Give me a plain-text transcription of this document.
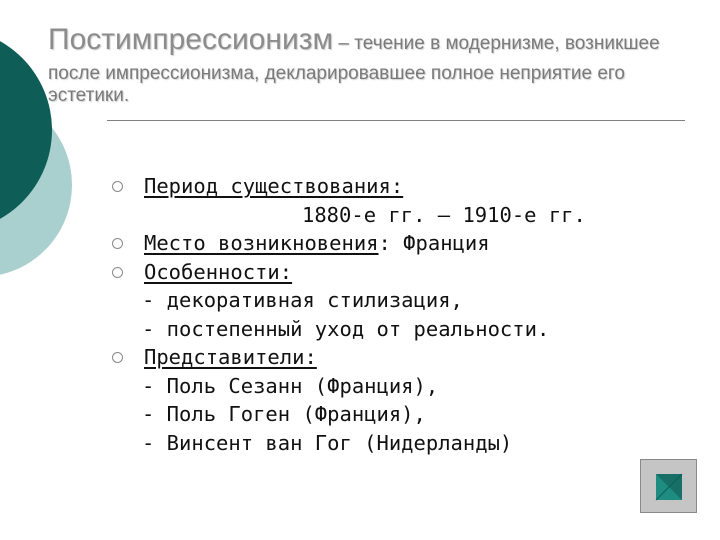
Постимпрессионизм – течение в модернизме, возникшее
после импрессионизма, декларировавшее полное неприятие его эстетики.
Период существования:
1880-е гг. – 1910-е гг.
Место возникновения: Франция
Особенности:
- декоративная стилизация,
- постепенный уход от реальности.
Представители:
- Поль Сезанн (Франция),
- Поль Гоген (Франция),
- Винсент ван Гог (Нидерланды)
